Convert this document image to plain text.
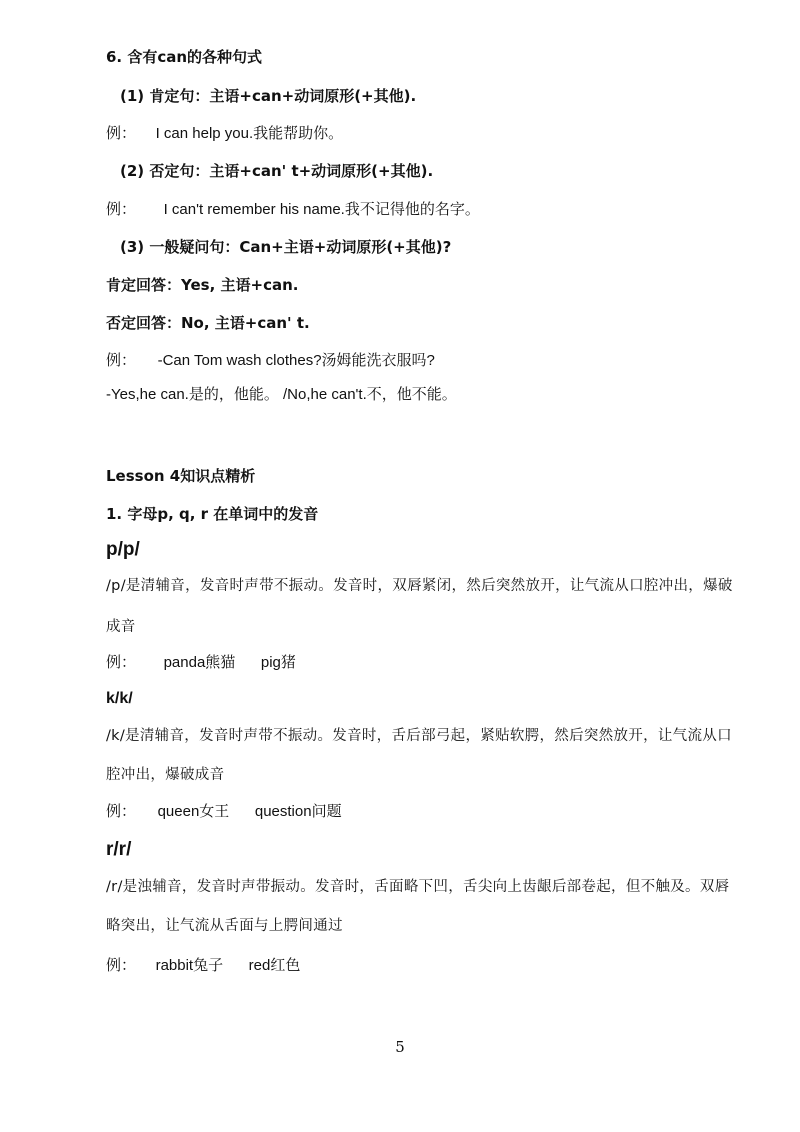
6. 含有can的各种句式
(1) 肯定句：主语+can+动词原形(+其他).
例： I can help you.我能帮助你。
(2) 否定句：主语+can' t+动词原形(+其他).
例： I can't remember his name.我不记得他的名字。
(3) 一般疑问句：Can+主语+动词原形(+其他)?
肯定回答：Yes, 主语+can.
否定回答：No, 主语+can' t.
例： -Can Tom wash clothes?汤姆能洗衣服吗?
-Yes,he can.是的，他能。 /No,he can't.不，他不能。
Lesson 4知识点精析
1. 字母p, q, r 在单词中的发音
p/p/
/p/是清辅音，发音时声带不振动。发音时，双唇紧闭，然后突然放开，让气流从口腔冲出，爆破
成音
例： panda熊猫 pig猪
k/k/
/k/是清辅音，发音时声带不振动。发音时，舌后部弓起，紧贴软腭，然后突然放开，让气流从口
腔冲出，爆破成音
例： queen女王 question问题
r/r/
/r/是浊辅音，发音时声带振动。发音时，舌面略下凹，舌尖向上齿龈后部卷起，但不触及。双唇
略突出，让气流从舌面与上腭间通过
例： rabbit兔子 red红色
5
